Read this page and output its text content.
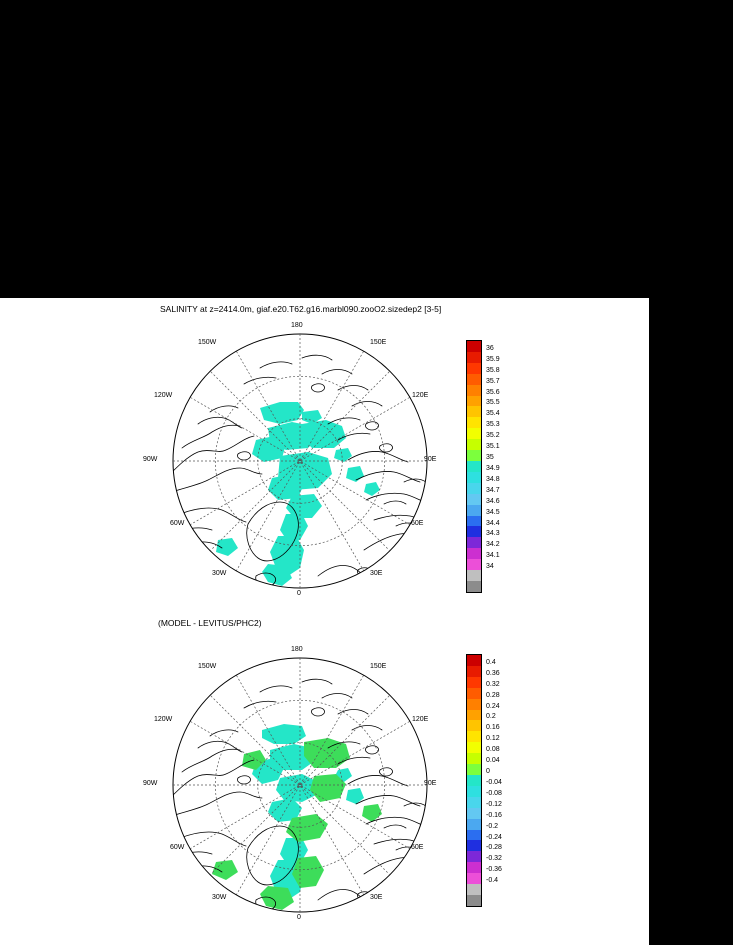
SALINITY at z=2414.0m, giaf.e20.T62.g16.marbl090.zooO2.sizedep2 [3-5]
180
150E
120E
90E
60E
30E
0
30W
60W
90W
120W
150W
36
35.9
35.8
35.7
35.6
35.5
35.4
35.3
35.2
35.1
35
34.9
34.8
34.7
34.6
34.5
34.4
34.3
34.2
34.1
34
(MODEL - LEVITUS/PHC2)
180
150E
120E
90E
60E
30E
0
30W
60W
90W
120W
150W
0.4
0.36
0.32
0.28
0.24
0.2
0.16
0.12
0.08
0.04
0
-0.04
-0.08
-0.12
-0.16
-0.2
-0.24
-0.28
-0.32
-0.36
-0.4
